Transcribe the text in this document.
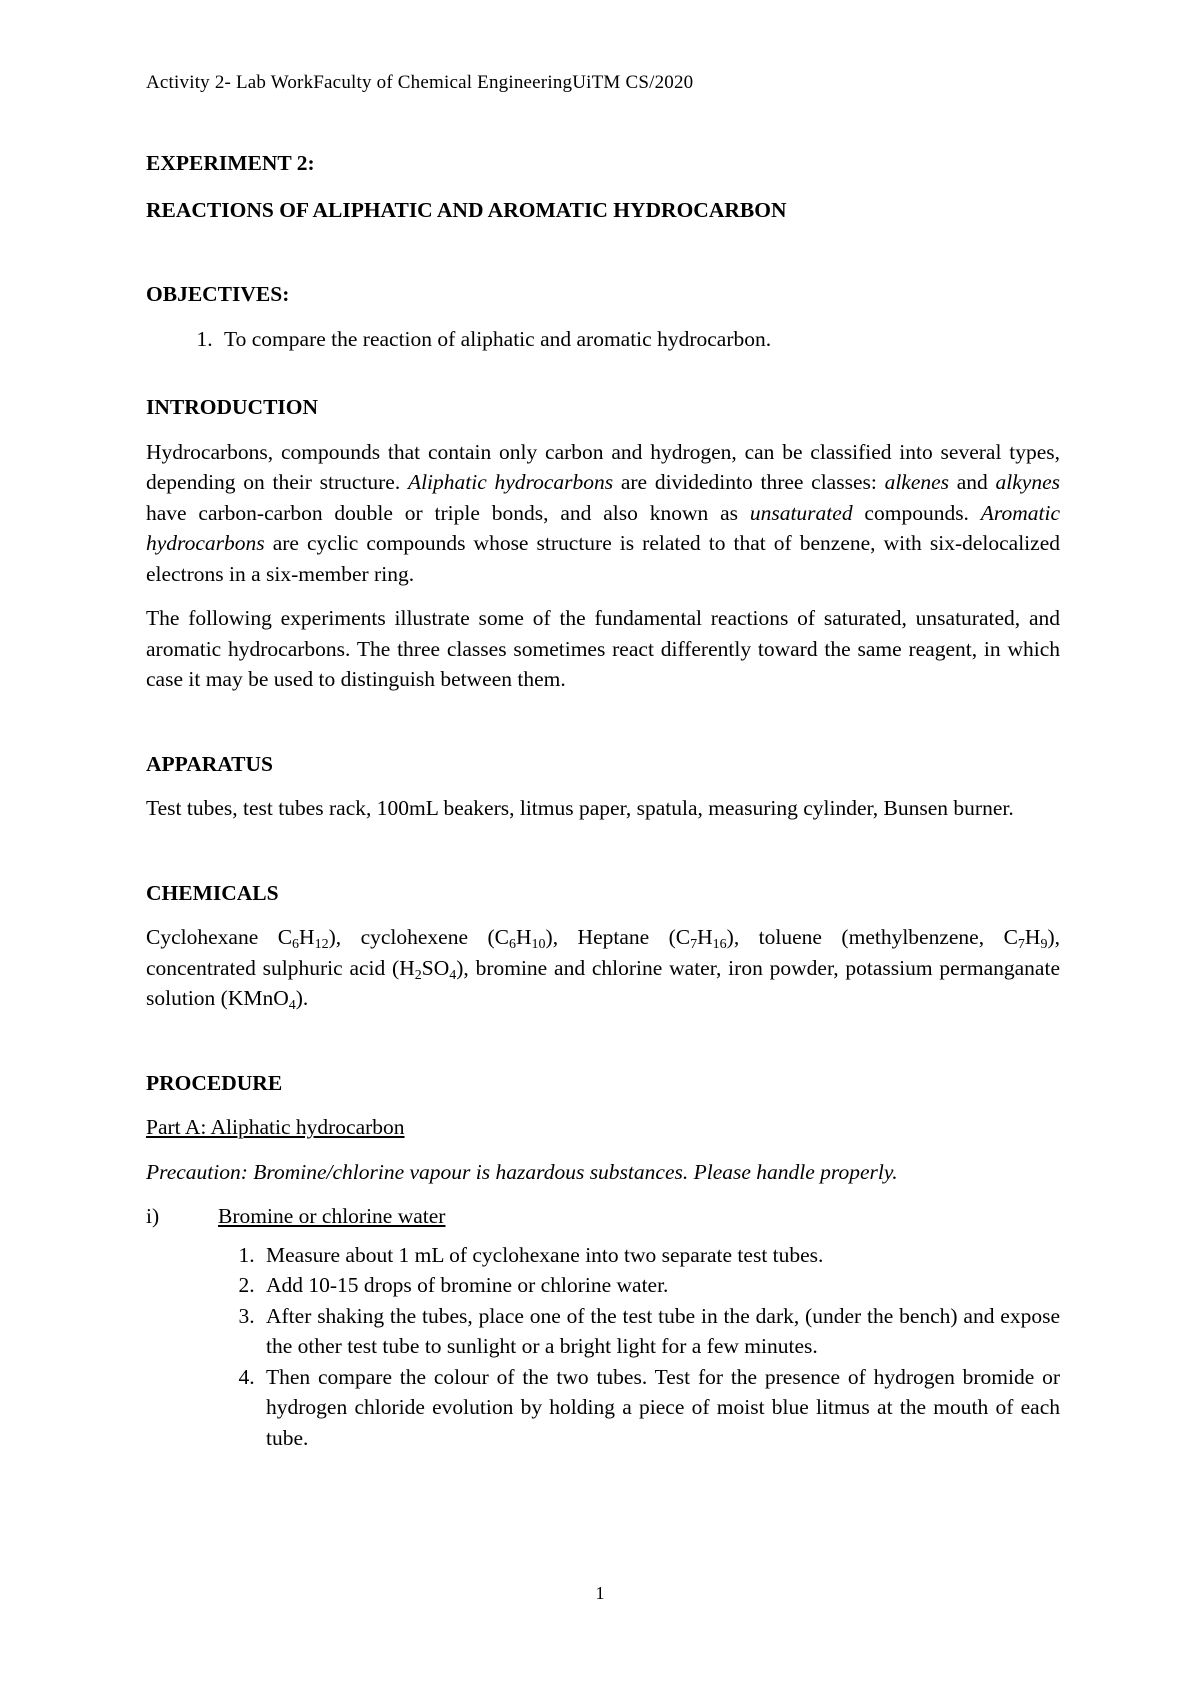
Activity 2- Lab WorkFaculty of Chemical EngineeringUiTM CS/2020

EXPERIMENT 2:

REACTIONS OF ALIPHATIC AND AROMATIC HYDROCARBON

OBJECTIVES:

1. To compare the reaction of aliphatic and aromatic hydrocarbon.

INTRODUCTION

Hydrocarbons, compounds that contain only carbon and hydrogen, can be classified into several types, depending on their structure. Aliphatic hydrocarbons are dividedinto three classes: alkenes and alkynes have carbon-carbon double or triple bonds, and also known as unsaturated compounds. Aromatic hydrocarbons are cyclic compounds whose structure is related to that of benzene, with six-delocalized electrons in a six-member ring.

The following experiments illustrate some of the fundamental reactions of saturated, unsaturated, and aromatic hydrocarbons. The three classes sometimes react differently toward the same reagent, in which case it may be used to distinguish between them.

APPARATUS

Test tubes, test tubes rack, 100mL beakers, litmus paper, spatula, measuring cylinder, Bunsen burner.

CHEMICALS

Cyclohexane $C_6H_{12}$), cyclohexene $(C_6H_{10})$, Heptane $(C_7H_{16})$, toluene (methylbenzene, $C_7H_9$), concentrated sulphuric acid $(H_2SO_4)$, bromine and chlorine water, iron powder, potassium permanganate solution (KMnO$_4$).

PROCEDURE

Part A: Aliphatic hydrocarbon

Precaution: Bromine/chlorine vapour is hazardous substances. Please handle properly.

i)	Bromine or chlorine water
1. Measure about 1 mL of cyclohexane into two separate test tubes.
2. Add 10-15 drops of bromine or chlorine water.
3. After shaking the tubes, place one of the test tube in the dark, (under the bench) and expose the other test tube to sunlight or a bright light for a few minutes.
4. Then compare the colour of the two tubes. Test for the presence of hydrogen bromide or hydrogen chloride evolution by holding a piece of moist blue litmus at the mouth of each tube.
1
